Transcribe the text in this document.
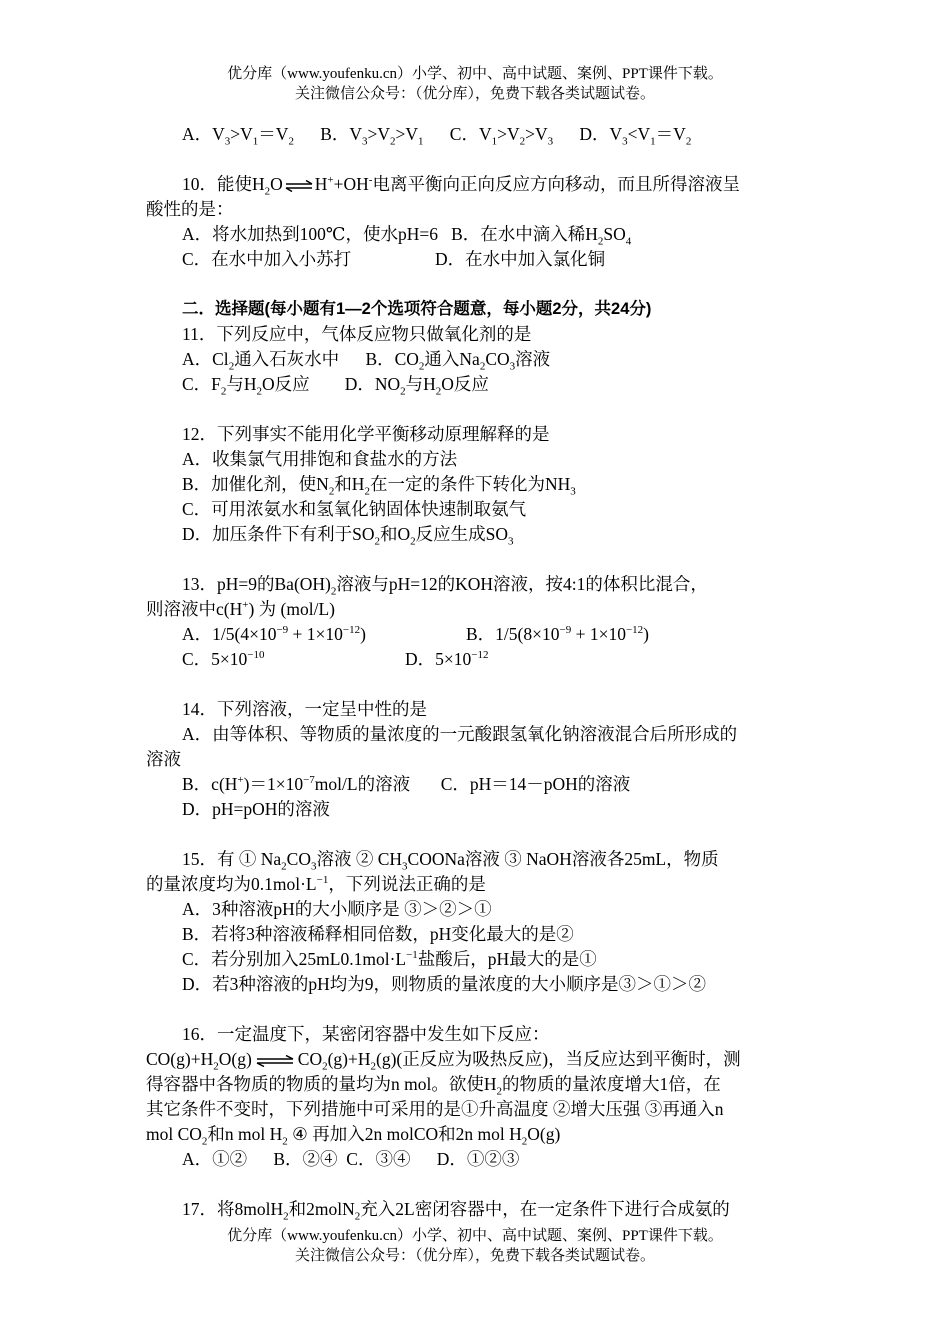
优分库（www.youfenku.cn）小学、初中、高中试题、案例、PPT课件下载。
关注微信公众号：（优分库），免费下载各类试题试卷。
A．$V_3>V_1=V_2$ B．$V_3>V_2>V_1$ C．$V_1>V_2>V_3$ D．$V_3<V_1=V_2$
10．能使$H_2O\rightleftharpoons H^++OH^-$电离平衡向正向反应方向移动，而且所得溶液呈
酸性的是：
A．将水加热到100℃，使水pH=6 B．在水中滴入稀$H_2SO_4$
C．在水中加入小苏打	D．在水中加入氯化铜
二．选择题(每小题有1—2个选项符合题意，每小题2分，共24分)
11．下列反应中，气体反应物只做氧化剂的是
A．$Cl_2$通入石灰水中 B．$CO_2$通入$Na_2CO_3$溶液
C．$F_2$与$H_2O$反应 D．$NO_2$与$H_2O$反应
12．下列事实不能用化学平衡移动原理解释的是
A．收集氯气用排饱和食盐水的方法
B．加催化剂，使$N_2$和$H_2$在一定的条件下转化为$NH_3$
C．可用浓氨水和氢氧化钠固体快速制取氨气
D．加压条件下有利于$SO_2$和$O_2$反应生成$SO_3$
13．pH=9的$Ba(OH)_2$溶液与pH=12的KOH溶液，按4:1的体积比混合，
则溶液中c(H+) 为 (mol/L)
A．$1/5(4\times 10^{-9} + 1\times 10^{-12})$	B．$1/5(8\times 10^{-9} + 1\times 10^{-12})$
C．$5\times 10^{-10}$	D．$5\times 10^{-12}$
14．下列溶液，一定呈中性的是
A．由等体积、等物质的量浓度的一元酸跟氢氧化钠溶液混合后所形成的
溶液
B．$c(H^+)=1\times 10^{-7}mol/L$的溶液 C．pH＝14－pOH的溶液
D．pH=pOH的溶液
15．有 ① $Na_2CO_3$溶液 ② $CH_3COONa$溶液 ③ NaOH溶液各25mL，物质
的量浓度均为$0.1mol\cdot L^{-1}$，下列说法正确的是
A．3种溶液pH的大小顺序是 ③＞②＞①
B．若将3种溶液稀释相同倍数，pH变化最大的是②
C．若分别加入$25mL0.1mol\cdot L^{-1}$盐酸后，pH最大的是①
D．若3种溶液的pH均为9，则物质的量浓度的大小顺序是③＞①＞②
16．一定温度下，某密闭容器中发生如下反应：
$CO(g)+H_2O(g)$ ⇌ $CO_2(g)+H_2(g)$(正反应为吸热反应)，当反应达到平衡时，测
得容器中各物质的物质的量均为n mol。欲使$H_2$的物质的量浓度增大1倍，在
其它条件不变时，下列措施中可采用的是①升高温度 ②增大压强 ③再通入n
mol $CO_2$和n mol $H_2$ ④ 再加入2n molCO和2n mol $H_2O(g)$
A．①②      B．②④  C．③④      D．①②③
17．将8molH$_2$和2molN$_2$充入2L密闭容器中，在一定条件下进行合成氨的
优分库（www.youfenku.cn）小学、初中、高中试题、案例、PPT课件下载。
关注微信公众号：（优分库），免费下载各类试题试卷。
